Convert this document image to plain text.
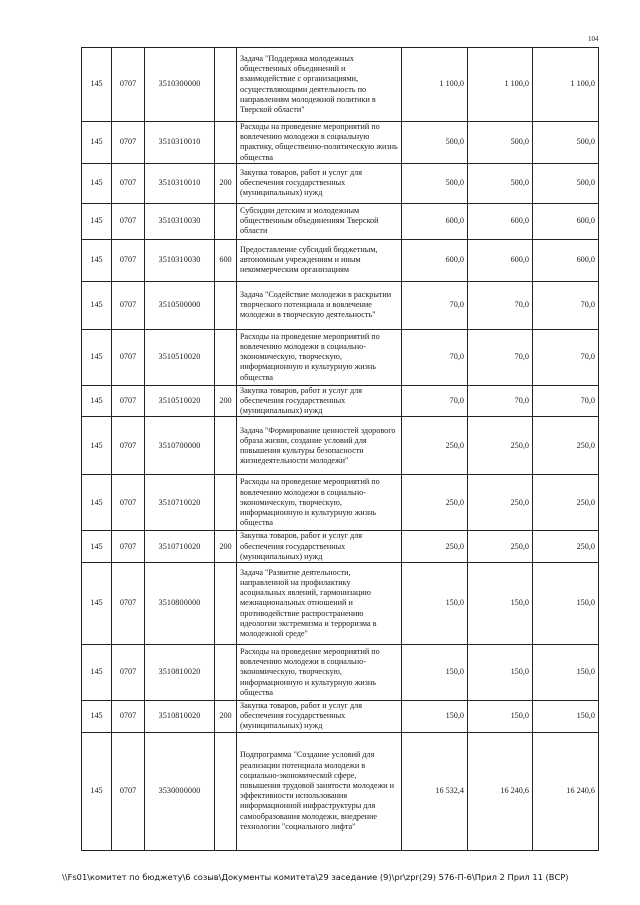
104
145	0707	3510300000		Задача "Поддержка молодежных общественных объединений и взаимодействие с организациями, осуществляющими деятельность по направлениям молодежной политики в Тверской области"	1 100,0	1 100,0	1 100,0
145	0707	3510310010		Расходы на проведение мероприятий по вовлечению молодежи в социальную практику, общественно-политическую жизнь общества	500,0	500,0	500,0
145	0707	3510310010	200	Закупка товаров, работ и услуг для обеспечения государственных (муниципальных) нужд	500,0	500,0	500,0
145	0707	3510310030		Субсидии детским и молодежным общественным объединениям Тверской области	600,0	600,0	600,0
145	0707	3510310030	600	Предоставление субсидий бюджетным, автономным учреждениям и иным некоммерческим организациям	600,0	600,0	600,0
145	0707	3510500000		Задача "Содействие молодежи в раскрытии творческого потенциала и вовлечение молодежи в творческую деятельность"	70,0	70,0	70,0
145	0707	3510510020		Расходы на проведение мероприятий по вовлечению молодежи в социально-экономическую, творческую, информационную и культурную жизнь общества	70,0	70,0	70,0
145	0707	3510510020	200	Закупка товаров, работ и услуг для обеспечения государственных (муниципальных) нужд	70,0	70,0	70,0
145	0707	3510700000		Задача "Формирование ценностей здорового образа жизни, создание условий для повышения культуры безопасности жизнедеятельности молодежи"	250,0	250,0	250,0
145	0707	3510710020		Расходы на проведение мероприятий по вовлечению молодежи в социально-экономическую, творческую, информационную и культурную жизнь общества	250,0	250,0	250,0
145	0707	3510710020	200	Закупка товаров, работ и услуг для обеспечения государственных (муниципальных) нужд	250,0	250,0	250,0
145	0707	3510800000		Задача "Развитие деятельности, направленной на профилактику асоциальных явлений, гармонизацию межнациональных отношений и противодействие распространению идеологии экстремизма и терроризма в молодежной среде"	150,0	150,0	150,0
145	0707	3510810020		Расходы на проведение мероприятий по вовлечению молодежи в социально-экономическую, творческую, информационную и культурную жизнь общества	150,0	150,0	150,0
145	0707	3510810020	200	Закупка товаров, работ и услуг для обеспечения государственных (муниципальных) нужд	150,0	150,0	150,0
145	0707	3530000000		Подпрограмма "Создание условий для реализации потенциала молодежи в социально-экономической сфере, повышения трудовой занятости молодежи и эффективности использования информационной инфраструктуры для самообразования молодежи, внедрение технологии "социального лифта"	16 532,4	16 240,6	16 240,6
\\Fs01\комитет по бюджету\6 созыв\Документы комитета\29 заседание (9)\pr\zpr(29) 576-П-6\Прил 2 Прил 11 (ВСР)
